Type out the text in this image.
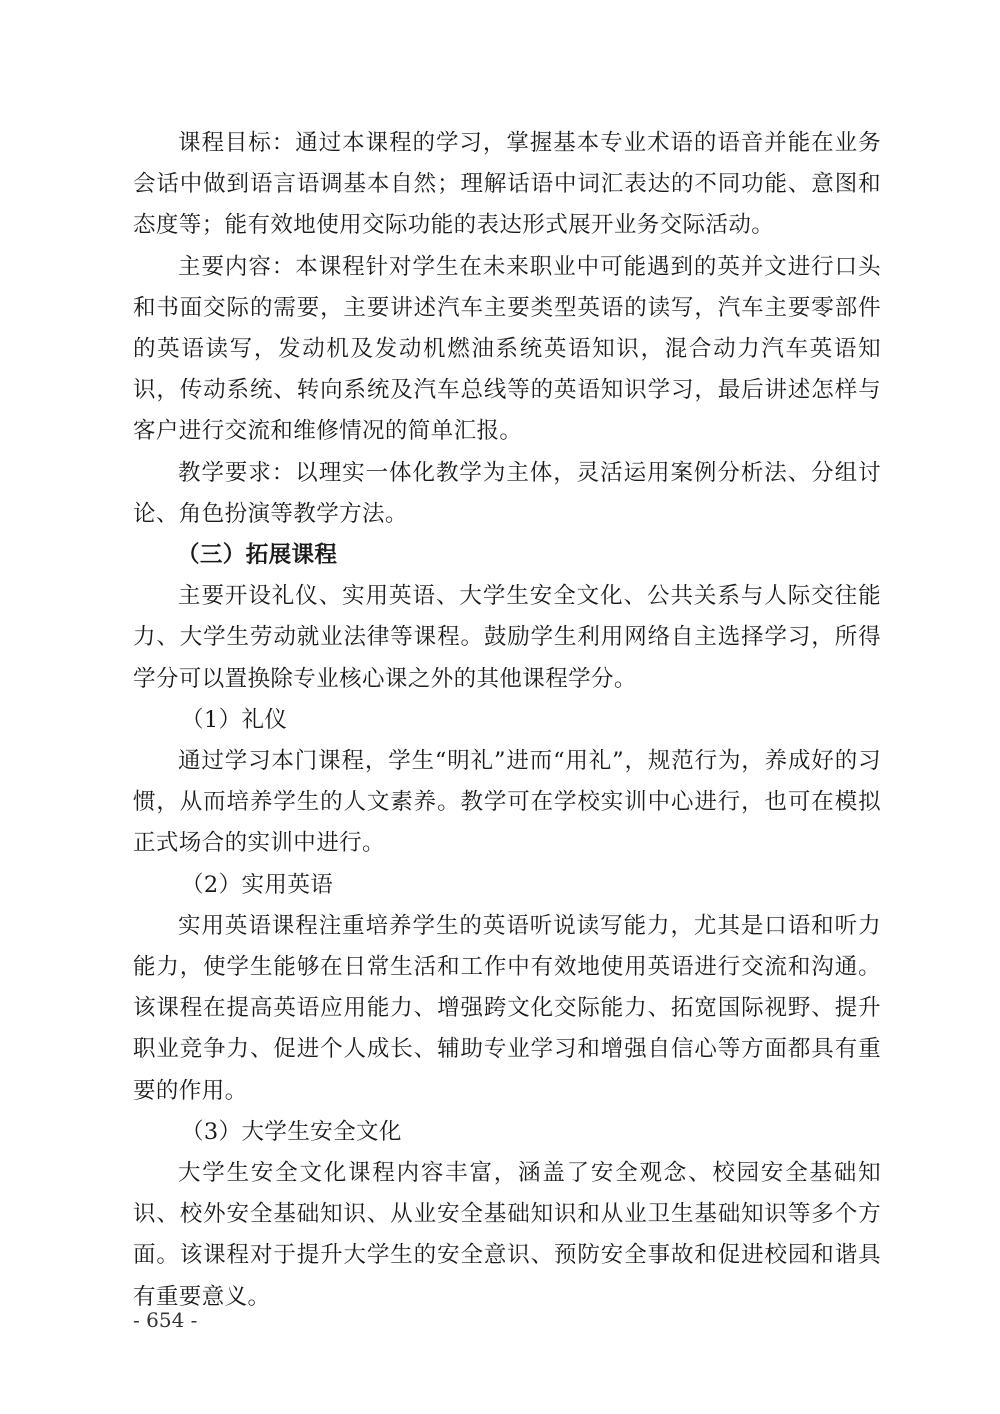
课程目标：通过本课程的学习，掌握基本专业术语的语音并能在业务会话中做到语言语调基本自然；理解话语中词汇表达的不同功能、意图和态度等；能有效地使用交际功能的表达形式展开业务交际活动。

主要内容：本课程针对学生在未来职业中可能遇到的英并文进行口头和书面交际的需要，主要讲述汽车主要类型英语的读写，汽车主要零部件的英语读写，发动机及发动机燃油系统英语知识，混合动力汽车英语知识，传动系统、转向系统及汽车总线等的英语知识学习，最后讲述怎样与客户进行交流和维修情况的简单汇报。

教学要求：以理实一体化教学为主体，灵活运用案例分析法、分组讨论、角色扮演等教学方法。

（三）拓展课程

主要开设礼仪、实用英语、大学生安全文化、公共关系与人际交往能力、大学生劳动就业法律等课程。鼓励学生利用网络自主选择学习，所得学分可以置换除专业核心课之外的其他课程学分。

（1）礼仪

通过学习本门课程，学生“明礼”进而“用礼”，规范行为，养成好的习惯，从而培养学生的人文素养。教学可在学校实训中心进行，也可在模拟正式场合的实训中进行。

（2）实用英语

实用英语课程注重培养学生的英语听说读写能力，尤其是口语和听力能力，使学生能够在日常生活和工作中有效地使用英语进行交流和沟通。该课程在提高英语应用能力、增强跨文化交际能力、拓宽国际视野、提升职业竞争力、促进个人成长、辅助专业学习和增强自信心等方面都具有重要的作用。

（3）大学生安全文化

大学生安全文化课程内容丰富，涵盖了安全观念、校园安全基础知识、校外安全基础知识、从业安全基础知识和从业卫生基础知识等多个方面。该课程对于提升大学生的安全意识、预防安全事故和促进校园和谐具有重要意义。

- 654 -
